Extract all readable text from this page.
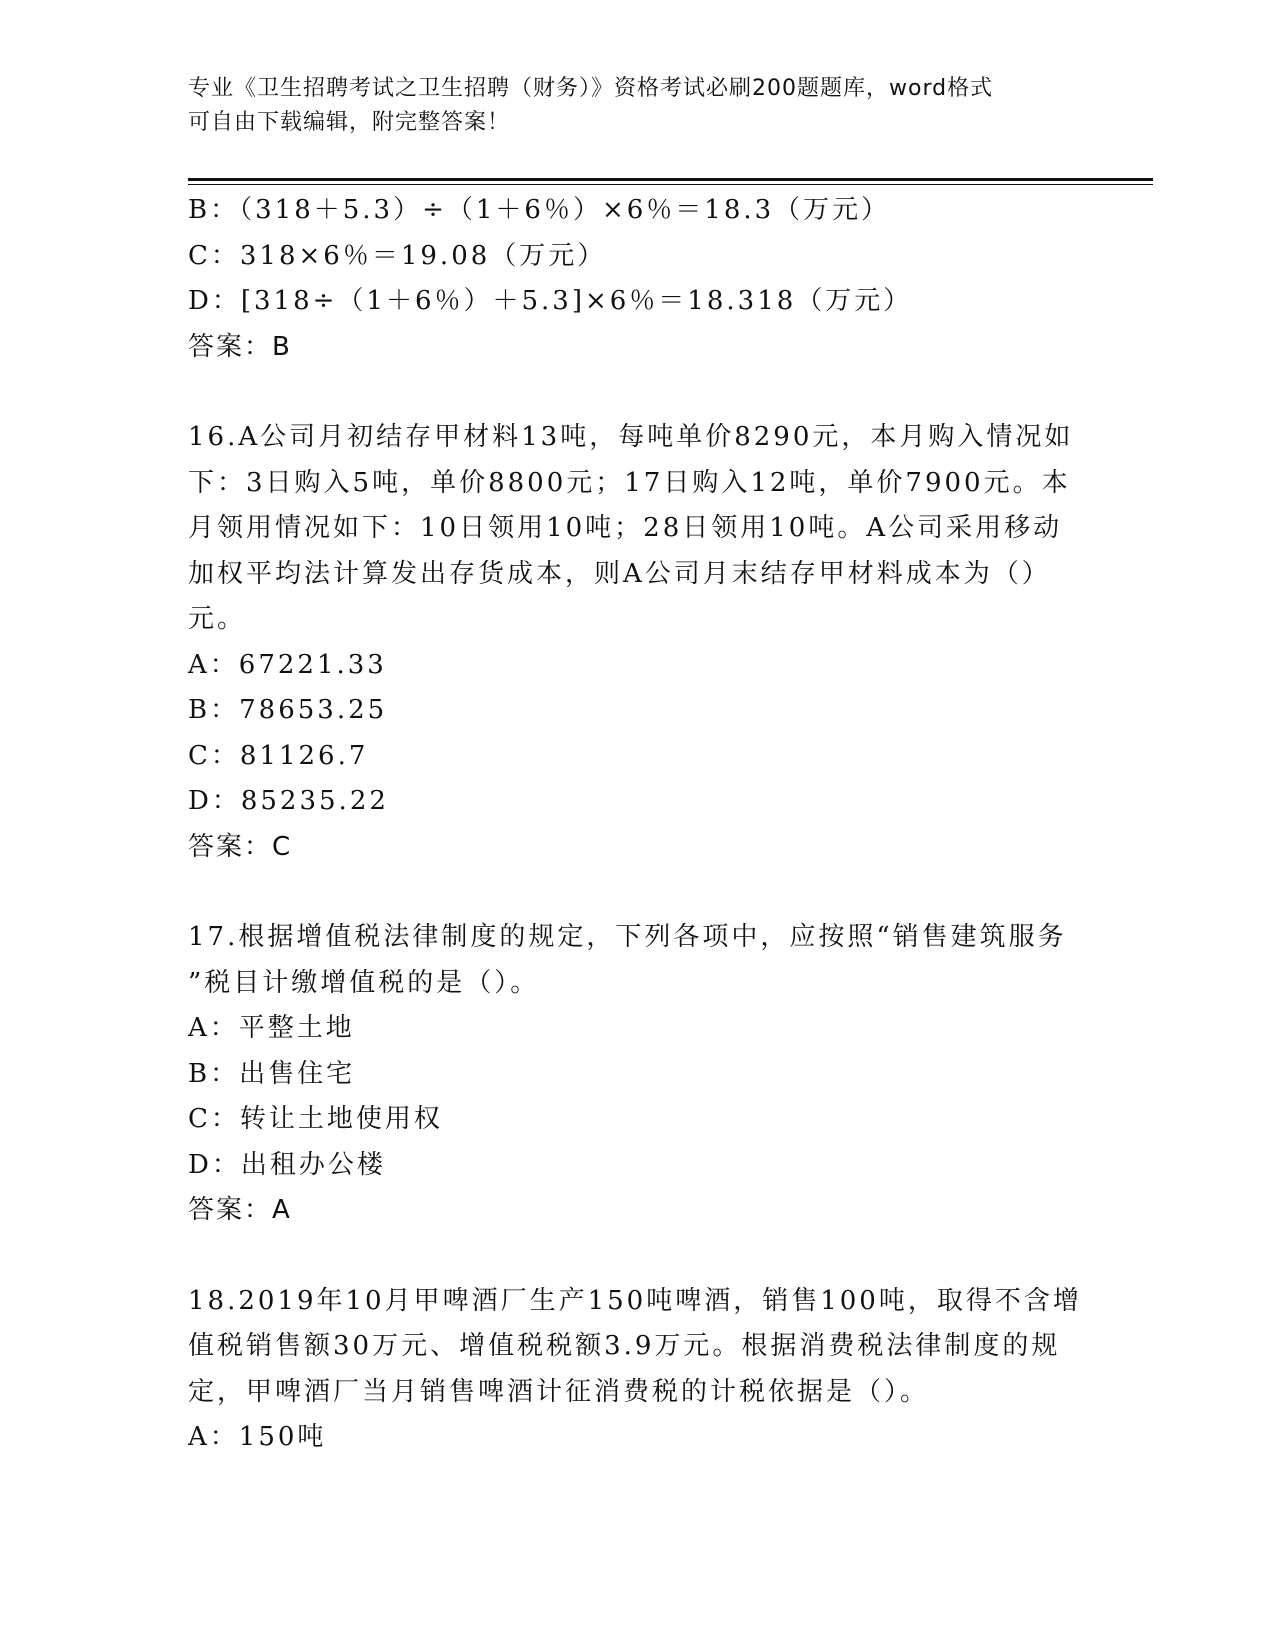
专业《卫生招聘考试之卫生招聘（财务）》资格考试必刷200题题库，word格式
可自由下载编辑，附完整答案！
B：（318＋5.3）÷（1＋6％）×6％＝18.3（万元）
C：318×6％＝19.08（万元）
D：[318÷（1＋6％）＋5.3]×6％＝18.318（万元）
答案：B
16.A公司月初结存甲材料13吨，每吨单价8290元，本月购入情况如
下：3日购入5吨，单价8800元；17日购入12吨，单价7900元。本
月领用情况如下：10日领用10吨；28日领用10吨。A公司采用移动
加权平均法计算发出存货成本，则A公司月末结存甲材料成本为（）
元。
A：67221.33
B：78653.25
C：81126.7
D：85235.22
答案：C
17.根据增值税法律制度的规定，下列各项中，应按照“销售建筑服务
”税目计缴增值税的是（）。
A：平整土地
B：出售住宅
C：转让土地使用权
D：出租办公楼
答案：A
18.2019年10月甲啤酒厂生产150吨啤酒，销售100吨，取得不含增
值税销售额30万元、增值税税额3.9万元。根据消费税法律制度的规
定，甲啤酒厂当月销售啤酒计征消费税的计税依据是（）。
A：150吨
